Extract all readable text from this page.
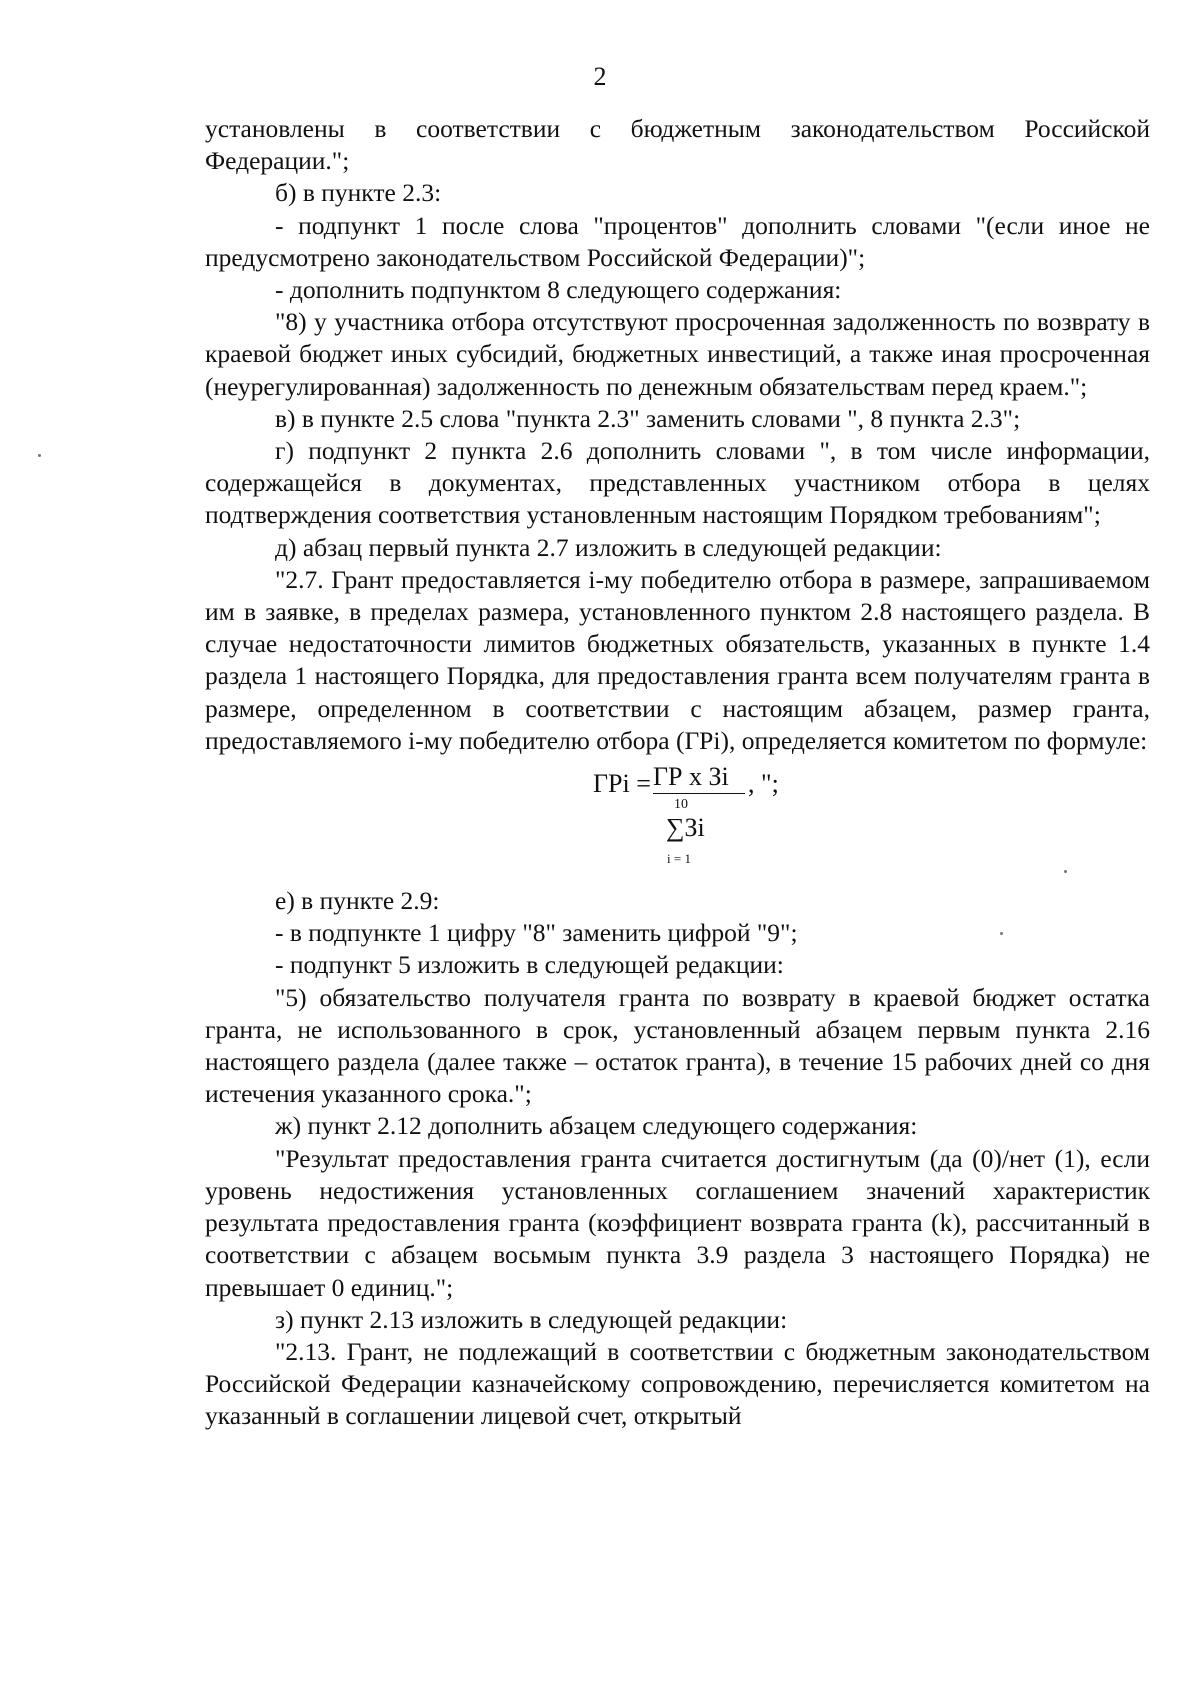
2

установлены в соответствии с бюджетным законодательством Российской Федерации.";

б) в пункте 2.3:

- подпункт 1 после слова "процентов" дополнить словами "(если иное не предусмотрено законодательством Российской Федерации)";

- дополнить подпунктом 8 следующего содержания:

"8) у участника отбора отсутствуют просроченная задолженность по возврату в краевой бюджет иных субсидий, бюджетных инвестиций, а также иная просроченная (неурегулированная) задолженность по денежным обязательствам перед краем.";

в) в пункте 2.5 слова "пункта 2.3" заменить словами ", 8 пункта 2.3";

г) подпункт 2 пункта 2.6 дополнить словами ", в том числе информации, содержащейся в документах, представленных участником отбора в целях подтверждения соответствия установленным настоящим Порядком требованиям";

д) абзац первый пункта 2.7 изложить в следующей редакции:

"2.7. Грант предоставляется i-му победителю отбора в размере, запрашиваемом им в заявке, в пределах размера, установленного пунктом 2.8 настоящего раздела. В случае недостаточности лимитов бюджетных обязательств, указанных в пункте 1.4 раздела 1 настоящего Порядка, для предоставления гранта всем получателям гранта в размере, определенном в соответствии с настоящим абзацем, размер гранта, предоставляемого i-му победителю отбора (ГРi), определяется комитетом по формуле:

ГРi = ГР x Зi , ";
10
∑Зi
i = 1

е) в пункте 2.9:

- в подпункте 1 цифру "8" заменить цифрой "9";

- подпункт 5 изложить в следующей редакции:

"5) обязательство получателя гранта по возврату в краевой бюджет остатка гранта, не использованного в срок, установленный абзацем первым пункта 2.16 настоящего раздела (далее также – остаток гранта), в течение 15 рабочих дней со дня истечения указанного срока.";

ж) пункт 2.12 дополнить абзацем следующего содержания:

"Результат предоставления гранта считается достигнутым (да (0)/нет (1), если уровень недостижения установленных соглашением значений характеристик результата предоставления гранта (коэффициент возврата гранта (k), рассчитанный в соответствии с абзацем восьмым пункта 3.9 раздела 3 настоящего Порядка) не превышает 0 единиц.";

з) пункт 2.13 изложить в следующей редакции:

"2.13. Грант, не подлежащий в соответствии с бюджетным законодательством Российской Федерации казначейскому сопровождению, перечисляется комитетом на указанный в соглашении лицевой счет, открытый
